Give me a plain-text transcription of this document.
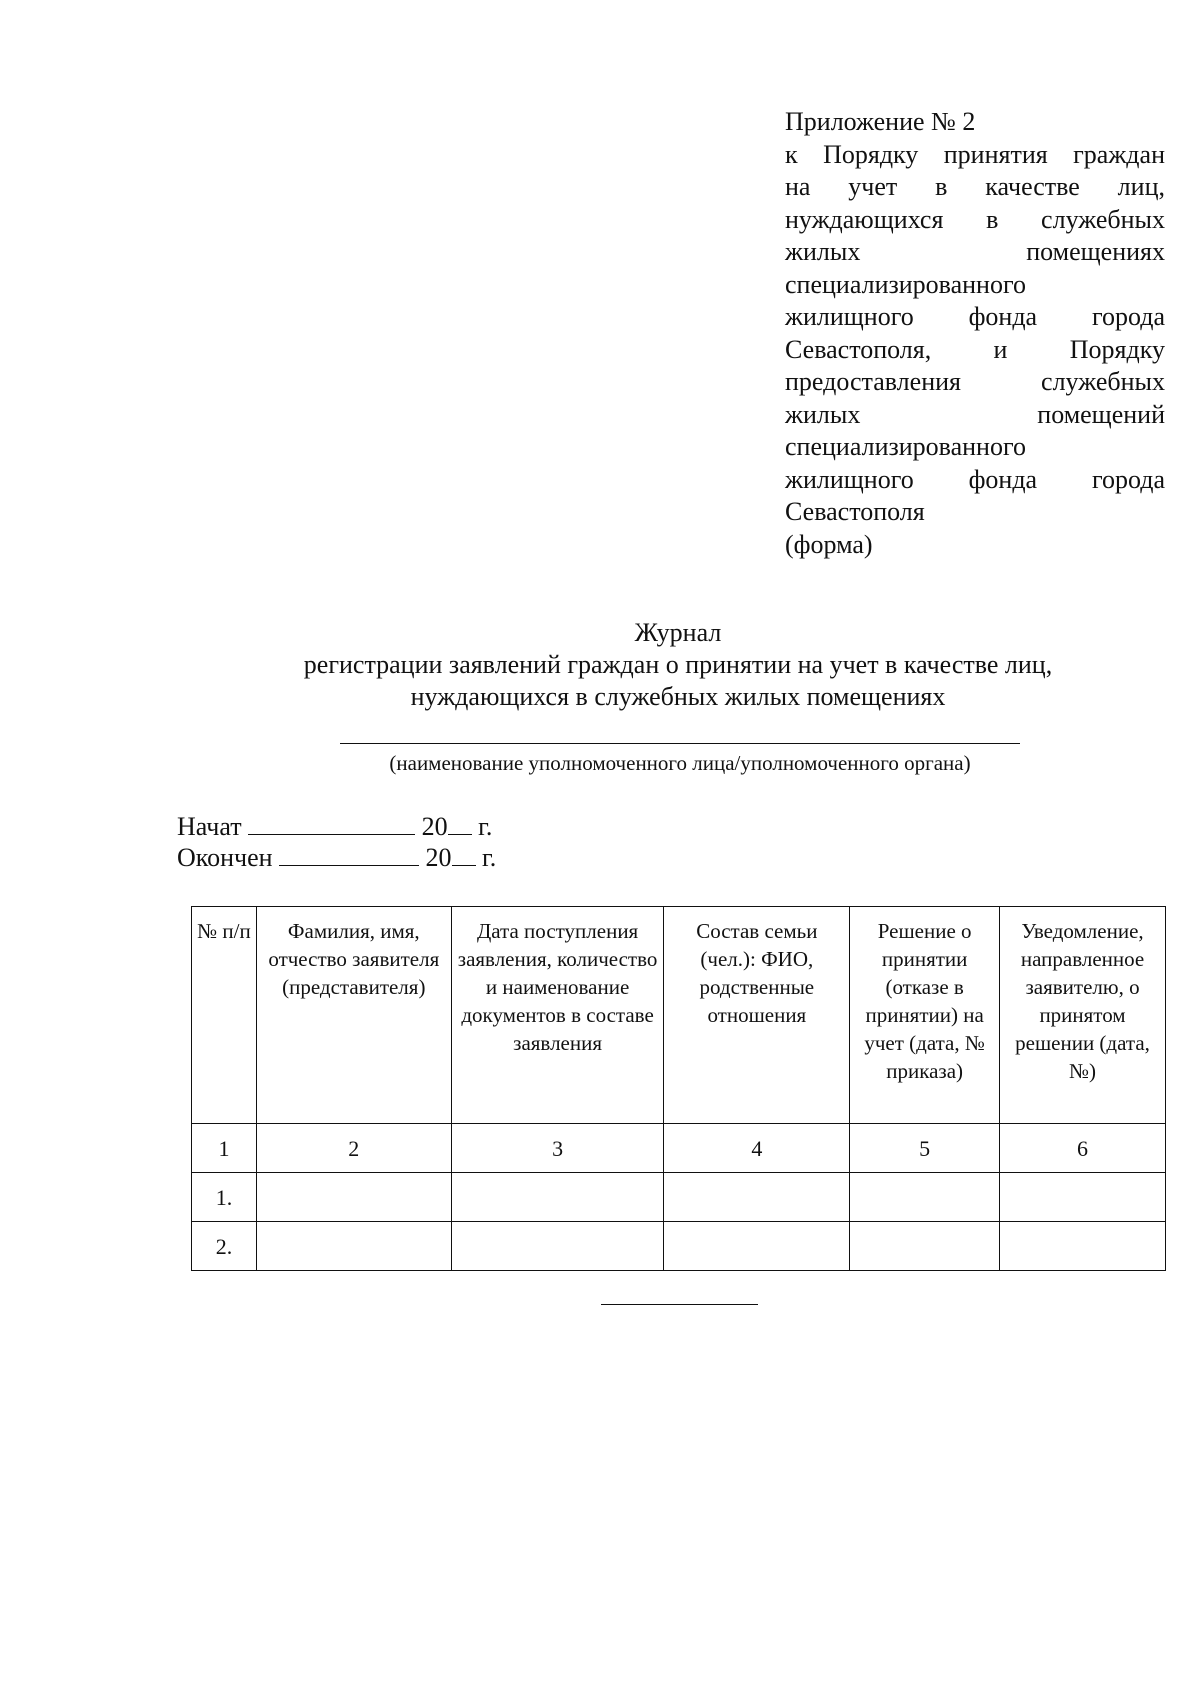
Приложение № 2
к Порядку принятия граждан
на учет в качестве лиц,
нуждающихся в служебных
жилых помещениях
специализированного
жилищного фонда города
Севастополя, и Порядку
предоставления служебных
жилых помещений
специализированного
жилищного фонда города
Севастополя
(форма)
Журнал
регистрации заявлений граждан о принятии на учет в качестве лиц,
нуждающихся в служебных жилых помещениях
(наименование уполномоченного лица/уполномоченного органа)
Начат	20 г.
Окончен	20 г.
№ п/п	Фамилия, имя, отчество заявителя (представителя)	Дата поступления заявления, количество и наименование документов в составе заявления	Состав семьи (чел.): ФИО, родственные отношения	Решение о принятии (отказе в принятии) на учет (дата, № приказа)	Уведомление, направленное заявителю, о принятом решении (дата, №)
1	2	3	4	5	6
1.					
2.					
